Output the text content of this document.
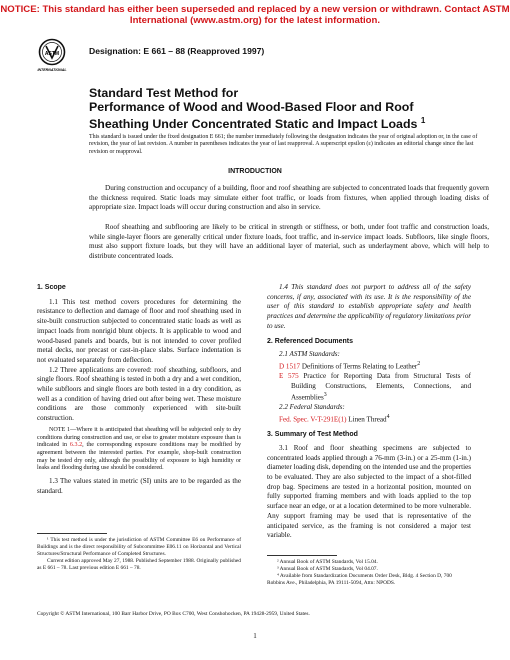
NOTICE: This standard has either been superseded and replaced by a new version or withdrawn. Contact ASTM International (www.astm.org) for the latest information.
ASTM
INTERNATIONAL
Designation: E 661 – 88 (Reapproved 1997)
Standard Test Method for
Performance of Wood and Wood-Based Floor and Roof
Sheathing Under Concentrated Static and Impact Loads $^1$
This standard is issued under the fixed designation E 661; the number immediately following the designation indicates the year of original adoption or, in the case of revision, the year of last revision. A number in parentheses indicates the year of last reapproval. A superscript epsilon (ε) indicates an editorial change since the last revision or reapproval.
INTRODUCTION
During construction and occupancy of a building, floor and roof sheathing are subjected to concentrated loads that frequently govern the thickness required. Static loads may simulate either foot traffic, or loads from fixtures, when applied through loading disks of appropriate size. Impact loads will occur during construction and also in service.
Roof sheathing and subflooring are likely to be critical in strength or stiffness, or both, under foot traffic and construction loads, while single-layer floors are generally critical under fixture loads, foot traffic, and in-service impact loads. Subfloors, like single floors, must also support fixture loads, but they will have an additional layer of material, such as underlayment above, which will help to distribute concentrated loads.
1. Scope

1.1 This test method covers procedures for determining the resistance to deflection and damage of floor and roof sheathing used in site-built construction subjected to concentrated static loads as well as impact loads from nonrigid blunt objects. It is applicable to wood and wood-based panels and boards, but is not intended to cover profiled metal decks, nor precast or cast-in-place slabs. Surface indentation is not evaluated separately from deflection.

1.2 Three applications are covered: roof sheathing, subfloors, and single floors. Roof sheathing is tested in both a dry and a wet condition, while subfloors and single floors are both tested in a dry condition, as well as a condition of having dried out after being wet. These moisture conditions are those commonly experienced with site-built construction.

NOTE 1—Where it is anticipated that sheathing will be subjected only to dry conditions during construction and use, or else to greater moisture exposure than is indicated in 6.3.2, the corresponding exposure conditions may be modified by agreement between the interested parties. For example, shop-built construction may be tested dry only, although the possibility of exposure to high humidity or leaks and flooding during use should be considered.

1.3 The values stated in metric (SI) units are to be regarded as the standard.

¹ This test method is under the jurisdiction of ASTM Committee E6 on Performance of Buildings and is the direct responsibility of Subcommittee E06.11 on Horizontal and Vertical Structures/Structural Performance of Completed Structures.
Current edition approved May 27, 1988. Published September 1988. Originally published as E 661 – 78. Last previous edition E 661 – 78.

1.4 This standard does not purport to address all of the safety concerns, if any, associated with its use. It is the responsibility of the user of this standard to establish appropriate safety and health practices and determine the applicability of regulatory limitations prior to use.

2. Referenced Documents
2.1 ASTM Standards:
D 1517 Definitions of Terms Relating to Leather$^2$
E 575 Practice for Reporting Data from Structural Tests of Building Constructions, Elements, Connections, and Assemblies$^3$
2.2 Federal Standards:
Fed. Spec. V-T-291E(1) Linen Thread$^4$
3. Summary of Test Method

3.1 Roof and floor sheathing specimens are subjected to concentrated loads applied through a 76-mm (3-in.) or a 25-mm (1-in.) diameter loading disk, depending on the intended use and the properties to be evaluated. They are also subjected to the impact of a shot-filled drop bag. Specimens are tested in a horizontal position, mounted on fully supported framing members and with loads applied to the top surface near an edge, or at a location determined to be more vulnerable. Any support framing may be used that is representative of the anticipated service, as the framing is not considered a major test variable.

² Annual Book of ASTM Standards, Vol 15.04.
³ Annual Book of ASTM Standards, Vol 04.07.
⁴ Available from Standardization Documents Order Desk, Bldg. 4 Section D, 700 Robbins Ave., Philadelphia, PA 19111-5094, Attn: NPODS.
Copyright © ASTM International, 100 Barr Harbor Drive, PO Box C700, West Conshohocken, PA 19428-2959, United States.
1
